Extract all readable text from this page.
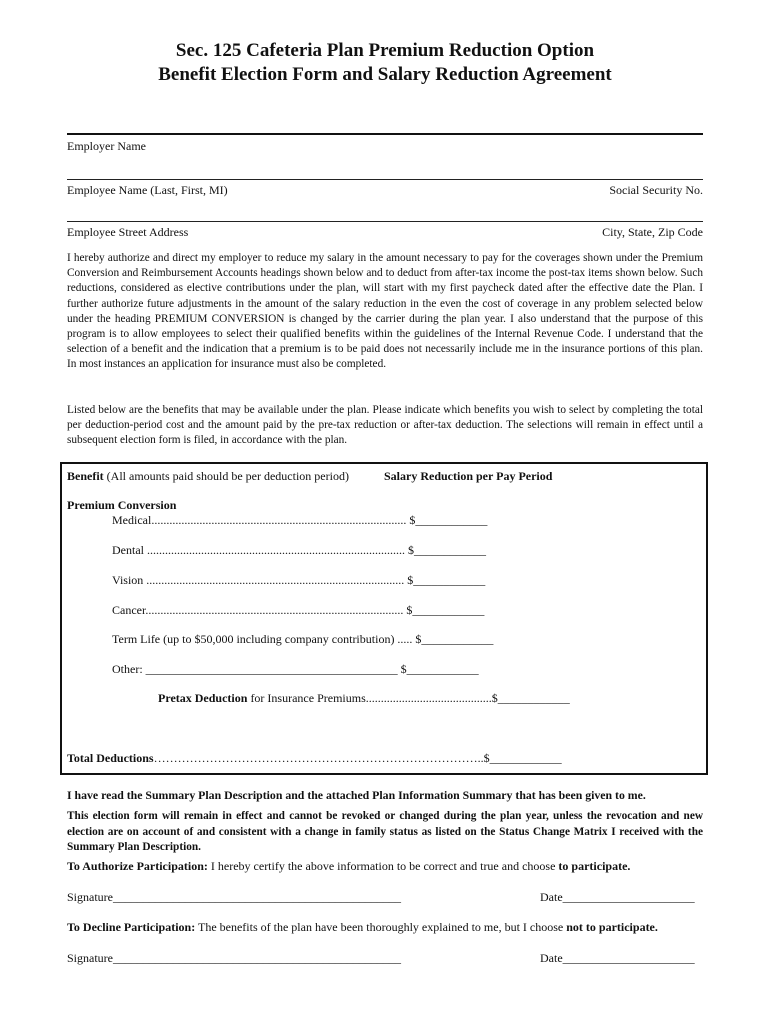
Sec. 125 Cafeteria Plan Premium Reduction Option
Benefit Election Form and Salary Reduction Agreement
Employer Name
Employee Name (Last, First, MI)	Social Security No.
Employee Street Address	City, State, Zip Code
I hereby authorize and direct my employer to reduce my salary in the amount necessary to pay for the coverages shown under the Premium Conversion and Reimbursement Accounts headings shown below and to deduct from after-tax income the post-tax items shown below. Such reductions, considered as elective contributions under the plan, will start with my first paycheck dated after the effective date the Plan. I further authorize future adjustments in the amount of the salary reduction in the even the cost of coverage in any problem selected below under the heading PREMIUM CONVERSION is changed by the carrier during the plan year. I also understand that the purpose of this program is to allow employees to select their qualified benefits within the guidelines of the Internal Revenue Code. I understand that the selection of a benefit and the indication that a premium is to be paid does not necessarily include me in the insurance portions of this plan. In most instances an application for insurance must also be completed.
Listed below are the benefits that may be available under the plan. Please indicate which benefits you wish to select by completing the total per deduction-period cost and the amount paid by the pre-tax reduction or after-tax deduction. The selections will remain in effect until a subsequent election form is filed, in accordance with the plan.
Benefit (All amounts paid should be per deduction period)	Salary Reduction per Pay Period
Premium Conversion
Medical..................................................................................... $____________
Dental ...................................................................................... $____________
Vision ...................................................................................... $____________
Cancer...................................................................................... $____________
Term Life (up to $50,000 including company contribution) ..... $____________
Other: __________________________________________ $____________
Pretax Deduction for Insurance Premiums..........................................$____________
Total Deductions………………………………………………………………………..$____________
I have read the Summary Plan Description and the attached Plan Information Summary that has been given to me.
This election form will remain in effect and cannot be revoked or changed during the plan year, unless the revocation and new election are on account of and consistent with a change in family status as listed on the Status Change Matrix I received with the Summary Plan Description.
To Authorize Participation: I hereby certify the above information to be correct and true and choose to participate.
Signature________________________________________________	Date______________________
To Decline Participation: The benefits of the plan have been thoroughly explained to me, but I choose not to participate.
Signature________________________________________________	Date______________________
